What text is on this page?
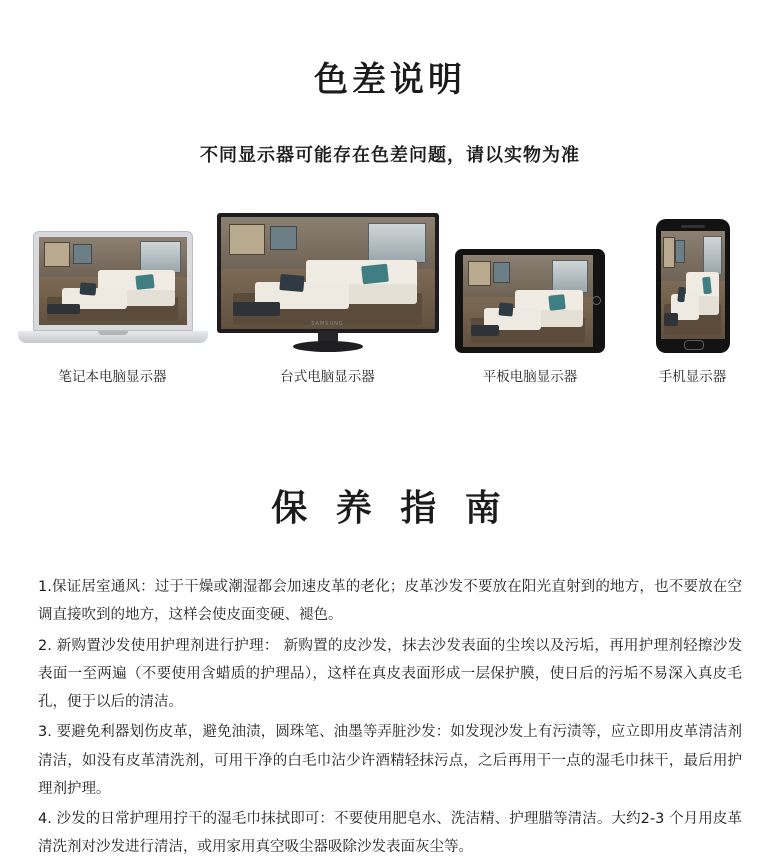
色差说明
不同显示器可能存在色差问题，请以实物为准
笔记本电脑显示器
SAMSUNG
台式电脑显示器	平板电脑显示器	手机显示器
保 养 指 南

1.保证居室通风：过于干燥或潮湿都会加速皮革的老化；皮革沙发不要放在阳光直射到的地方，也不要放在空调直接吹到的地方，这样会使皮面变硬、褪色。

2. 新购置沙发使用护理剂进行护理： 新购置的皮沙发，抹去沙发表面的尘埃以及污垢，再用护理剂轻擦沙发表面一至两遍（不要使用含蜡质的护理品），这样在真皮表面形成一层保护膜，使日后的污垢不易深入真皮毛孔，便于以后的清洁。

3. 要避免利器划伤皮革，避免油渍，圆珠笔、油墨等弄脏沙发：如发现沙发上有污渍等，应立即用皮革清洁剂清洁，如没有皮革清洗剂，可用干净的白毛巾沾少许酒精轻抹污点，之后再用干一点的湿毛巾抹干，最后用护理剂护理。

4. 沙发的日常护理用拧干的湿毛巾抹拭即可：不要使用肥皂水、洗洁精、护理腊等清洁。大约2-3 个月用皮革清洗剂对沙发进行清洁，或用家用真空吸尘器吸除沙发表面灰尘等。
